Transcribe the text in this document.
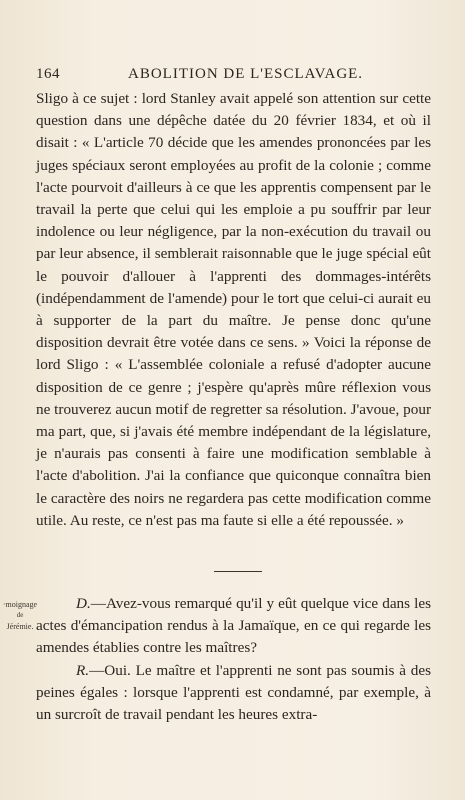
164	ABOLITION DE L'ESCLAVAGE.

Sligo à ce sujet : lord Stanley avait appelé son attention sur cette question dans une dépêche datée du 20 février 1834, et où il disait : « L'article 70 décide que les amendes prononcées par les juges spéciaux seront employées au profit de la colonie ; comme l'acte pourvoit d'ailleurs à ce que les apprentis compensent par le travail la perte que celui qui les emploie a pu souffrir par leur indolence ou leur négligence, par la non-exécution du travail ou par leur absence, il semblerait raisonnable que le juge spécial eût le pouvoir d'allouer à l'apprenti des dommages-intérêts (indépendamment de l'amende) pour le tort que celui-ci aurait eu à supporter de la part du maître. Je pense donc qu'une disposition devrait être votée dans ce sens. » Voici la réponse de lord Sligo : « L'assemblée coloniale a refusé d'adopter aucune disposition de ce genre ; j'espère qu'après mûre réflexion vous ne trouverez aucun motif de regretter sa résolution. J'avoue, pour ma part, que, si j'avais été membre indépendant de la législature, je n'aurais pas consenti à faire une modification semblable à l'acte d'abolition. J'ai la confiance que quiconque connaîtra bien le caractère des noirs ne regardera pas cette modification comme utile. Au reste, ce n'est pas ma faute si elle a été repoussée. »

·moignage
de
Jérémie.

D.—Avez-vous remarqué qu'il y eût quelque vice dans les actes d'émancipation rendus à la Jamaïque, en ce qui regarde les amendes établies contre les maîtres?

R.—Oui. Le maître et l'apprenti ne sont pas soumis à des peines égales : lorsque l'apprenti est condamné, par exemple, à un surcroît de travail pendant les heures extra-
